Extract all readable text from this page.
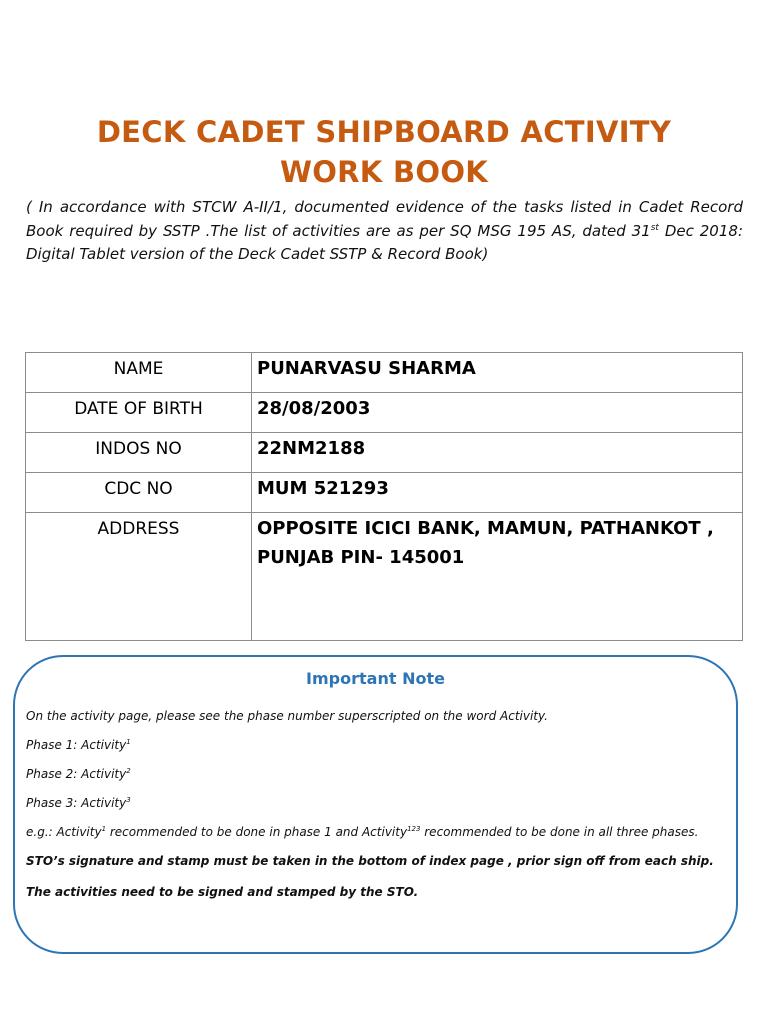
DECK CADET SHIPBOARD ACTIVITY
WORK BOOK
( In accordance with STCW A-II/1, documented evidence of the tasks listed in Cadet Record Book required by SSTP .The list of activities are as per SQ MSG 195 AS, dated 31st Dec 2018: Digital Tablet version of the Deck Cadet SSTP & Record Book)
NAME	PUNARVASU SHARMA
DATE OF BIRTH	28/08/2003
INDOS NO	22NM2188
CDC NO	MUM 521293
ADDRESS	OPPOSITE ICICI BANK, MAMUN, PATHANKOT , PUNJAB PIN- 145001
Important Note
On the activity page, please see the phase number superscripted on the word Activity.
Phase 1: Activity$^1$
Phase 2: Activity$^2$
Phase 3: Activity$^3$
e.g.: Activity$^1$ recommended to be done in phase 1 and Activity$^{123}$ recommended to be done in all three phases.
STO’s signature and stamp must be taken in the bottom of index page , prior sign off from each ship.
The activities need to be signed and stamped by the STO.
